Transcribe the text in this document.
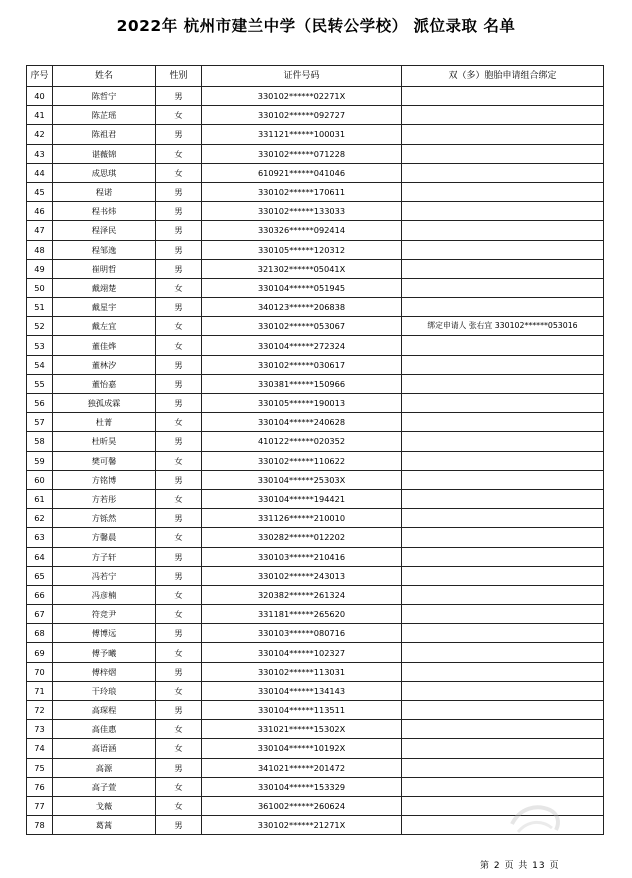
2022年 杭州市建兰中学（民转公学校） 派位录取 名单
序号	姓名	性别	证件号码	双（多）胞胎申请组合绑定
40	陈哲宁	男	330102******02271X	
41	陈芷瑶	女	330102******092727	
42	陈祖君	男	331121******100031	
43	谌薇锦	女	330102******071228	
44	成思琪	女	610921******041046	
45	程诺	男	330102******170611	
46	程书炜	男	330102******133033	
47	程泽民	男	330326******092414	
48	程邹逸	男	330105******120312	
49	崔明哲	男	321302******05041X	
50	戴翊楚	女	330104******051945	
51	戴星宇	男	340123******206838	
52	戴左宜	女	330102******053067	绑定申请人 张右宜 330102******053016
53	董佳烨	女	330104******272324	
54	董林汐	男	330102******030617	
55	董怡嘉	男	330381******150966	
56	独孤成霖	男	330105******190013	
57	杜菁	女	330104******240628	
58	杜昕昊	男	410122******020352	
59	樊可馨	女	330102******110622	
60	方铭博	男	330104******25303X	
61	方若彤	女	330104******194421	
62	方铄然	男	331126******210010	
63	方馨晨	女	330282******012202	
64	方子轩	男	330103******210416	
65	冯若宁	男	330102******243013	
66	冯彦楠	女	320382******261324	
67	符竞尹	女	331181******265620	
68	傅博远	男	330103******080716	
69	傅予曦	女	330104******102327	
70	傅梓熠	男	330102******113031	
71	干玲琅	女	330104******134143	
72	高琛程	男	330104******113511	
73	高佳惠	女	331021******15302X	
74	高语涵	女	330104******10192X	
75	高源	男	341021******201472	
76	高子萱	女	330104******153329	
77	戈薇	女	361002******260624	
78	葛蒿	男	330102******21271X	
第 2 页 共 13 页
